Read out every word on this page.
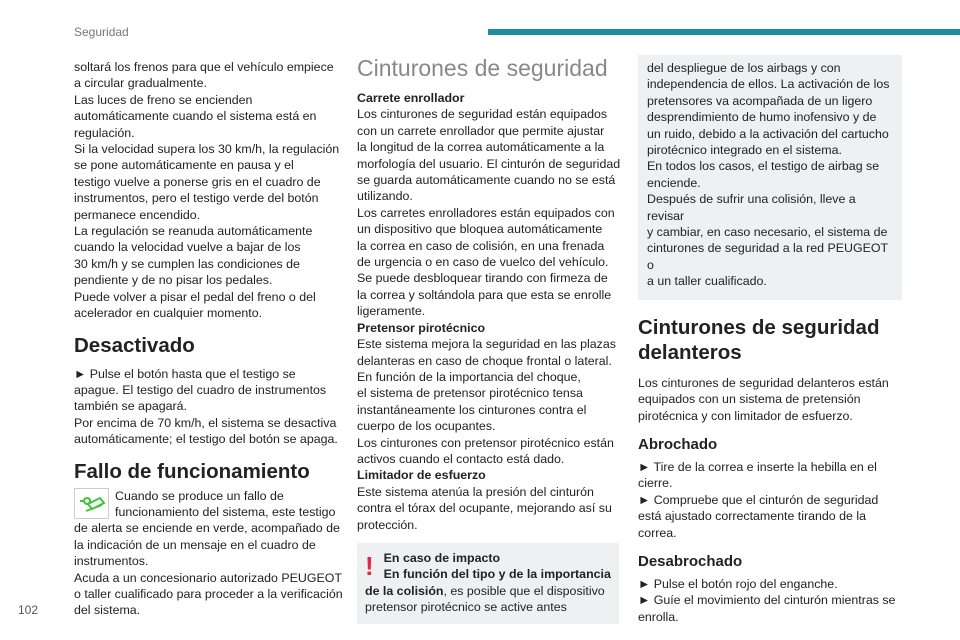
Seguridad
102

soltará los frenos para que el vehículo empiece
a circular gradualmente.
Las luces de freno se encienden
automáticamente cuando el sistema está en
regulación.
Si la velocidad supera los 30 km/h, la regulación
se pone automáticamente en pausa y el
testigo vuelve a ponerse gris en el cuadro de
instrumentos, pero el testigo verde del botón
permanece encendido.
La regulación se reanuda automáticamente
cuando la velocidad vuelve a bajar de los
30 km/h y se cumplen las condiciones de
pendiente y de no pisar los pedales.
Puede volver a pisar el pedal del freno o del
acelerador en cualquier momento.

Desactivado

► Pulse el botón hasta que el testigo se
apague. El testigo del cuadro de instrumentos
también se apagará.
Por encima de 70 km/h, el sistema se desactiva
automáticamente; el testigo del botón se apaga.

Fallo de funcionamiento

Cuando se produce un fallo de
funcionamiento del sistema, este testigo

de alerta se enciende en verde, acompañado de
la indicación de un mensaje en el cuadro de
instrumentos.
Acuda a un concesionario autorizado PEUGEOT
o taller cualificado para proceder a la verificación
del sistema.

Cinturones de seguridad

Carrete enrollador

Los cinturones de seguridad están equipados
con un carrete enrollador que permite ajustar
la longitud de la correa automáticamente a la
morfología del usuario. El cinturón de seguridad
se guarda automáticamente cuando no se está
utilizando.
Los carretes enrolladores están equipados con
un dispositivo que bloquea automáticamente
la correa en caso de colisión, en una frenada
de urgencia o en caso de vuelco del vehículo.
Se puede desbloquear tirando con firmeza de
la correa y soltándola para que esta se enrolle
ligeramente.

Pretensor pirotécnico

Este sistema mejora la seguridad en las plazas
delanteras en caso de choque frontal o lateral.
En función de la importancia del choque,
el sistema de pretensor pirotécnico tensa
instantáneamente los cinturones contra el
cuerpo de los ocupantes.
Los cinturones con pretensor pirotécnico están
activos cuando el contacto está dado.

Limitador de esfuerzo

Este sistema atenúa la presión del cinturón
contra el tórax del ocupante, mejorando así su
protección.

! En caso de impacto

En función del tipo y de la importancia

de la colisión, es posible que el dispositivo
pretensor pirotécnico se active antes

del despliegue de los airbags y con
independencia de ellos. La activación de los
pretensores va acompañada de un ligero
desprendimiento de humo inofensivo y de
un ruido, debido a la activación del cartucho
pirotécnico integrado en el sistema.
En todos los casos, el testigo de airbag se
enciende.
Después de sufrir una colisión, lleve a revisar
y cambiar, en caso necesario, el sistema de
cinturones de seguridad a la red PEUGEOT o
a un taller cualificado.

Cinturones de seguridad
delanteros

Los cinturones de seguridad delanteros están
equipados con un sistema de pretensión
pirotécnica y con limitador de esfuerzo.

Abrochado

► Tire de la correa e inserte la hebilla en el
cierre.
► Compruebe que el cinturón de seguridad
está ajustado correctamente tirando de la
correa.

Desabrochado

► Pulse el botón rojo del enganche.
► Guíe el movimiento del cinturón mientras se
enrolla.
